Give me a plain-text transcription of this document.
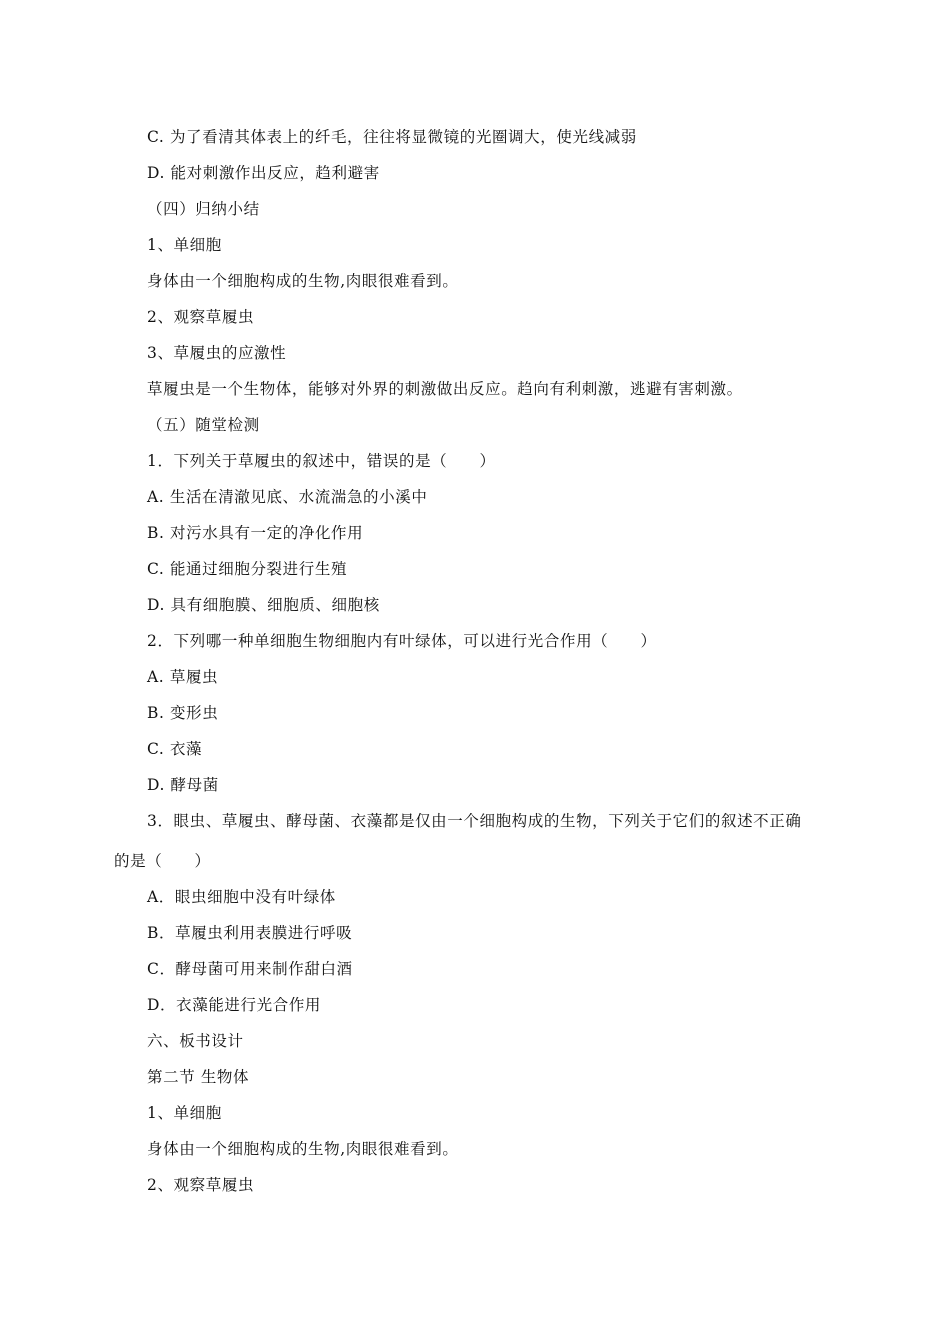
C. 为了看清其体表上的纤毛，往往将显微镜的光圈调大，使光线减弱
D. 能对刺激作出反应，趋利避害
（四）归纳小结
1、单细胞
身体由一个细胞构成的生物,肉眼很难看到。
2、观察草履虫
3、草履虫的应激性
草履虫是一个生物体，能够对外界的刺激做出反应。趋向有利刺激，逃避有害刺激。
（五）随堂检测
1．下列关于草履虫的叙述中，错误的是（　　）
A. 生活在清澈见底、水流湍急的小溪中
B. 对污水具有一定的净化作用
C. 能通过细胞分裂进行生殖
D. 具有细胞膜、细胞质、细胞核
2．下列哪一种单细胞生物细胞内有叶绿体，可以进行光合作用（　　）
A. 草履虫
B. 变形虫
C. 衣藻
D. 酵母菌
3．眼虫、草履虫、酵母菌、衣藻都是仅由一个细胞构成的生物，下列关于它们的叙述不正确
的是（　　）
A．眼虫细胞中没有叶绿体
B．草履虫利用表膜进行呼吸
C．酵母菌可用来制作甜白酒
D．衣藻能进行光合作用
六、板书设计
第二节 生物体
1、单细胞
身体由一个细胞构成的生物,肉眼很难看到。
2、观察草履虫
